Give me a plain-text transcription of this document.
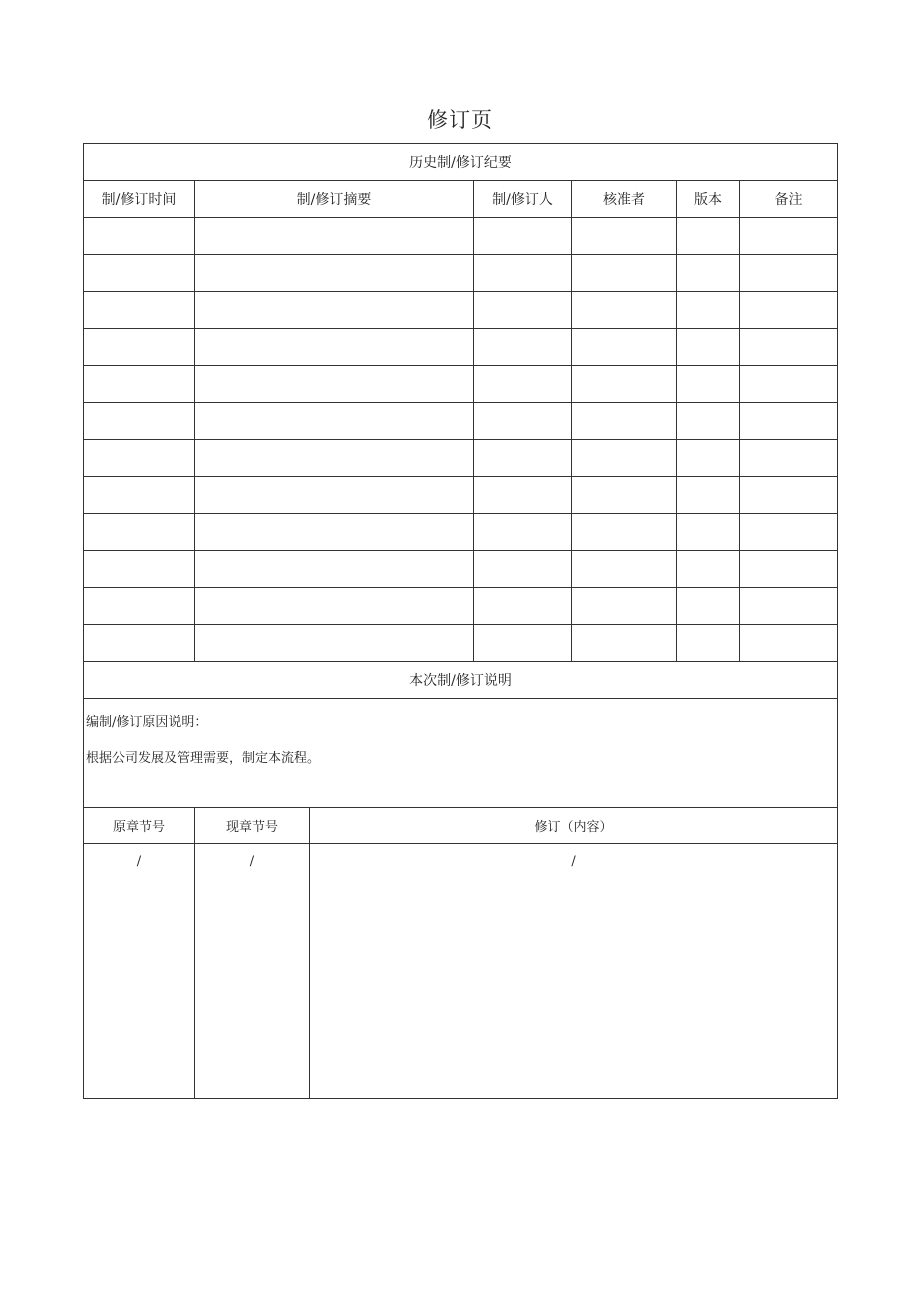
修订页
历史制/修订纪要					
制/修订时间	制/修订摘要	制/修订人	核准者	版本	备注

本次制/修订说明		

编制/修订原因说明：
根据公司发展及管理需要，制定本流程。		

原章节号	现章节号	修订（内容）

/	/	/
